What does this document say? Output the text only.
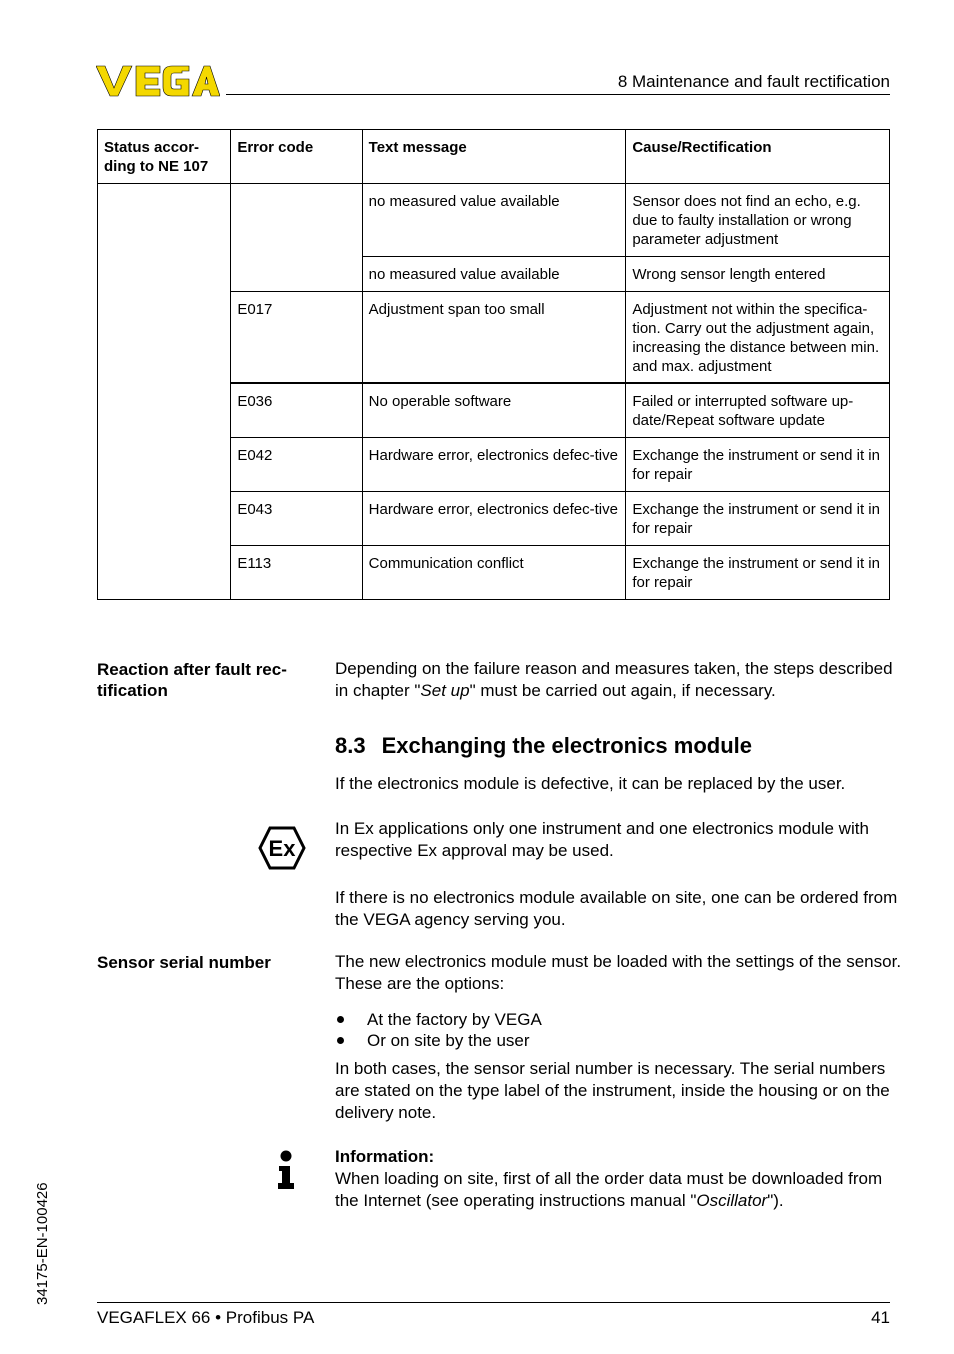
8 Maintenance and fault rectification
Status accor-ding to NE 107	Error code	Text message	Cause/Rectification
		no measured value available	Sensor does not find an echo, e.g. due to faulty installation or wrong parameter adjustment
		no measured value available	Wrong sensor length entered
	E017	Adjustment span too small	Adjustment not within the specifica-tion. Carry out the adjustment again, increasing the distance between min. and max. adjustment
	E036	No operable software	Failed or interrupted software up-date/Repeat software update
	E042	Hardware error, electronics defec-tive	Exchange the instrument or send it in for repair
	E043	Hardware error, electronics defec-tive	Exchange the instrument or send it in for repair
	E113	Communication conflict	Exchange the instrument or send it in for repair
Reaction after fault rec-tification
Depending on the failure reason and measures taken, the steps described in chapter "Set up" must be carried out again, if necessary.
8.3 Exchanging the electronics module
If the electronics module is defective, it can be replaced by the user.
Ex
In Ex applications only one instrument and one electronics module with respective Ex approval may be used.
If there is no electronics module available on site, one can be ordered from the VEGA agency serving you.
Sensor serial number	The new electronics module must be loaded with the settings of the sensor. These are the options:
At the factory by VEGA
Or on site by the user
In both cases, the sensor serial number is necessary. The serial numbers are stated on the type label of the instrument, inside the housing or on the delivery note.
Information:
When loading on site, first of all the order data must be downloaded from the Internet (see operating instructions manual "Oscillator").
34175-EN-100426
VEGAFLEX 66 • Profibus PA	41
